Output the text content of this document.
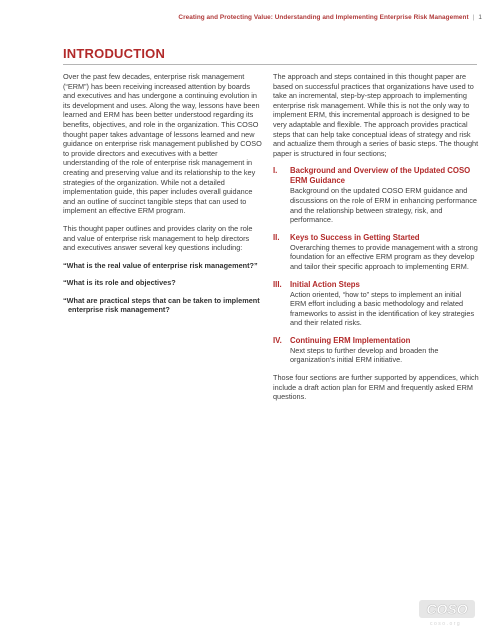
Creating and Protecting Value: Understanding and Implementing Enterprise Risk Management | 1
INTRODUCTION

Over the past few decades, enterprise risk management (“ERM”) has been receiving increased attention by boards and executives and has undergone a continuing evolution in its development and uses. Along the way, lessons have been learned and ERM has been better understood regarding its benefits, objectives, and role in the organization. This COSO thought paper takes advantage of lessons learned and new guidance on enterprise risk management published by COSO to provide directors and executives with a better understanding of the role of enterprise risk management in creating and preserving value and its relationship to the key strategies of the organization. While not a detailed implementation guide, this paper includes overall guidance and an outline of succinct tangible steps that can used to implement an effective ERM program.

This thought paper outlines and provides clarity on the role and value of enterprise risk management to help directors and executives answer several key questions including:

“What is the real value of enterprise risk management?”

“What is its role and objectives?

“What are practical steps that can be taken to implement enterprise risk management?

The approach and steps contained in this thought paper are based on successful practices that organizations have used to take an incremental, step-by-step approach to implementing enterprise risk management. While this is not the only way to implement ERM, this incremental approach is designed to be very adaptable and flexible. The approach provides practical steps that can help take conceptual ideas of strategy and risk and actualize them through a series of basic steps. The thought paper is structured in four sections;

I.	Background and Overview of the Updated COSO ERM Guidance
Background on the updated COSO ERM guidance and discussions on the role of ERM in enhancing performance and the relationship between strategy, risk, and performance.
II.	Keys to Success in Getting Started
Overarching themes to provide management with a strong foundation for an effective ERM program as they develop and tailor their specific approach to implementing ERM.
III.	Initial Action Steps
Action oriented, “how to” steps to implement an initial ERM effort including a basic methodology and related frameworks to assist in the identification of key strategies and their related risks.
IV.	Continuing ERM Implementation
Next steps to further develop and broaden the organization’s initial ERM initiative.

Those four sections are further supported by appendices, which include a draft action plan for ERM and frequently asked ERM questions.

COSO
coso.org
